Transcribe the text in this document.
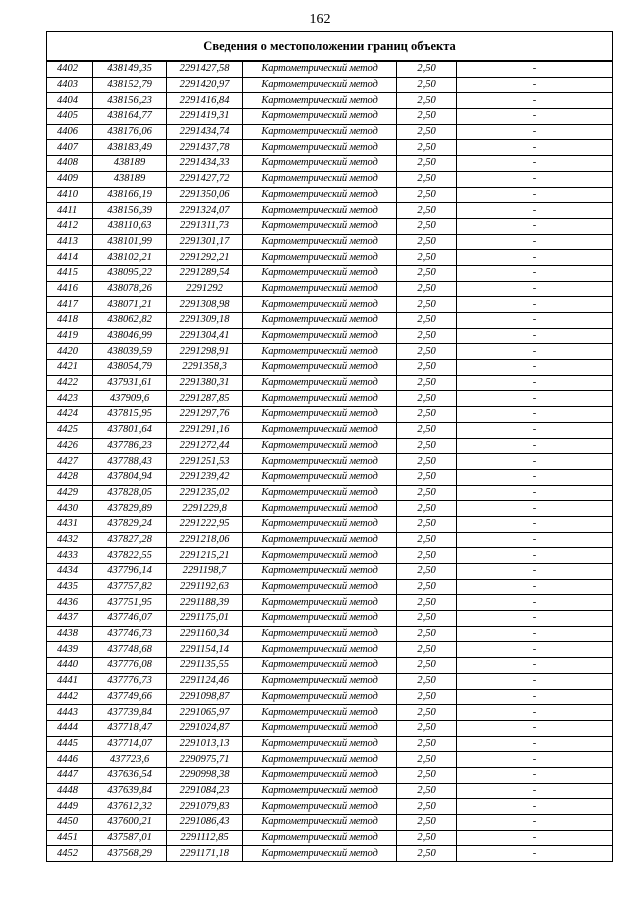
162
Сведения о местоположении границ объекта					
4402	438149,35	2291427,58	Картометрический метод	2,50	-
4403	438152,79	2291420,97	Картометрический метод	2,50	-
4404	438156,23	2291416,84	Картометрический метод	2,50	-
4405	438164,77	2291419,31	Картометрический метод	2,50	-
4406	438176,06	2291434,74	Картометрический метод	2,50	-
4407	438183,49	2291437,78	Картометрический метод	2,50	-
4408	438189	2291434,33	Картометрический метод	2,50	-
4409	438189	2291427,72	Картометрический метод	2,50	-
4410	438166,19	2291350,06	Картометрический метод	2,50	-
4411	438156,39	2291324,07	Картометрический метод	2,50	-
4412	438110,63	2291311,73	Картометрический метод	2,50	-
4413	438101,99	2291301,17	Картометрический метод	2,50	-
4414	438102,21	2291292,21	Картометрический метод	2,50	-
4415	438095,22	2291289,54	Картометрический метод	2,50	-
4416	438078,26	2291292	Картометрический метод	2,50	-
4417	438071,21	2291308,98	Картометрический метод	2,50	-
4418	438062,82	2291309,18	Картометрический метод	2,50	-
4419	438046,99	2291304,41	Картометрический метод	2,50	-
4420	438039,59	2291298,91	Картометрический метод	2,50	-
4421	438054,79	2291358,3	Картометрический метод	2,50	-
4422	437931,61	2291380,31	Картометрический метод	2,50	-
4423	437909,6	2291287,85	Картометрический метод	2,50	-
4424	437815,95	2291297,76	Картометрический метод	2,50	-
4425	437801,64	2291291,16	Картометрический метод	2,50	-
4426	437786,23	2291272,44	Картометрический метод	2,50	-
4427	437788,43	2291251,53	Картометрический метод	2,50	-
4428	437804,94	2291239,42	Картометрический метод	2,50	-
4429	437828,05	2291235,02	Картометрический метод	2,50	-
4430	437829,89	2291229,8	Картометрический метод	2,50	-
4431	437829,24	2291222,95	Картометрический метод	2,50	-
4432	437827,28	2291218,06	Картометрический метод	2,50	-
4433	437822,55	2291215,21	Картометрический метод	2,50	-
4434	437796,14	2291198,7	Картометрический метод	2,50	-
4435	437757,82	2291192,63	Картометрический метод	2,50	-
4436	437751,95	2291188,39	Картометрический метод	2,50	-
4437	437746,07	2291175,01	Картометрический метод	2,50	-
4438	437746,73	2291160,34	Картометрический метод	2,50	-
4439	437748,68	2291154,14	Картометрический метод	2,50	-
4440	437776,08	2291135,55	Картометрический метод	2,50	-
4441	437776,73	2291124,46	Картометрический метод	2,50	-
4442	437749,66	2291098,87	Картометрический метод	2,50	-
4443	437739,84	2291065,97	Картометрический метод	2,50	-
4444	437718,47	2291024,87	Картометрический метод	2,50	-
4445	437714,07	2291013,13	Картометрический метод	2,50	-
4446	437723,6	2290975,71	Картометрический метод	2,50	-
4447	437636,54	2290998,38	Картометрический метод	2,50	-
4448	437639,84	2291084,23	Картометрический метод	2,50	-
4449	437612,32	2291079,83	Картометрический метод	2,50	-
4450	437600,21	2291086,43	Картометрический метод	2,50	-
4451	437587,01	2291112,85	Картометрический метод	2,50	-
4452	437568,29	2291171,18	Картометрический метод	2,50	-
